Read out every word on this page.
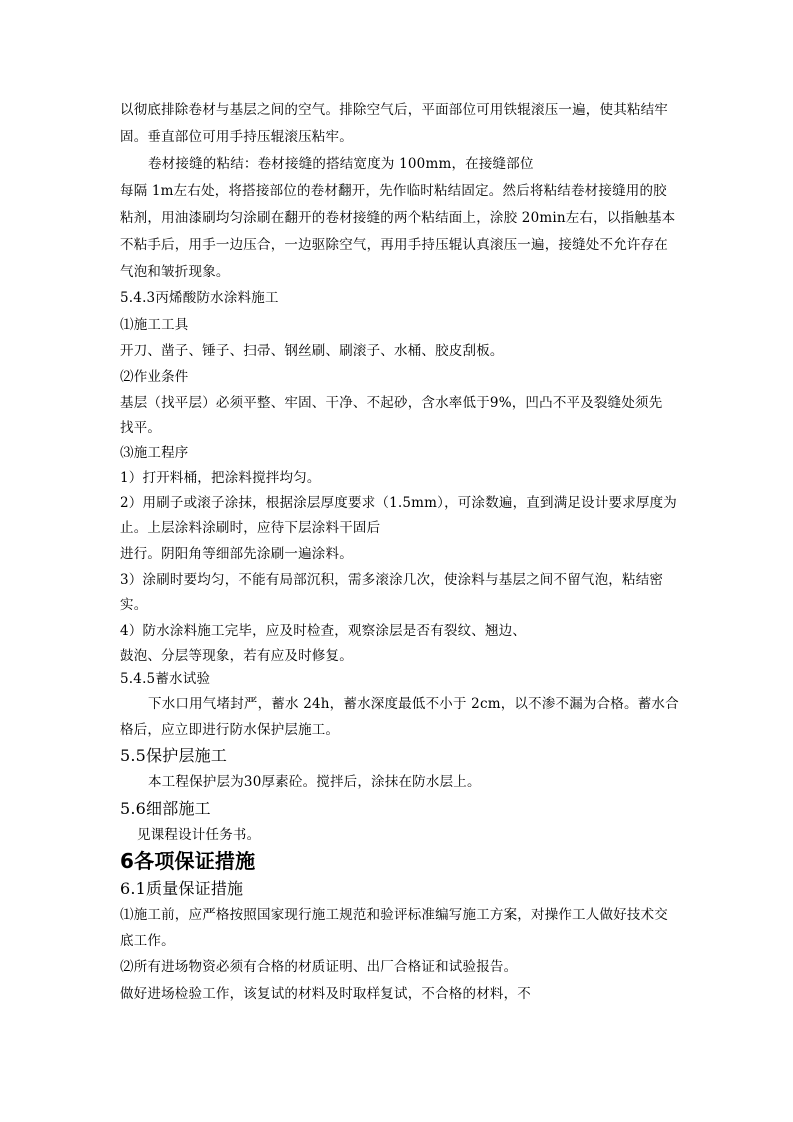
以彻底排除卷材与基层之间的空气。排除空气后，平面部位可用铁辊滚压一遍，使其粘结牢
固。垂直部位可用手持压辊滚压粘牢。
卷材接缝的粘结：卷材接缝的搭结宽度为 100mm，在接缝部位
每隔 1m左右处，将搭接部位的卷材翻开，先作临时粘结固定。然后将粘结卷材接缝用的胶
粘剂，用油漆刷均匀涂刷在翻开的卷材接缝的两个粘结面上，涂胶 20min左右，以指触基本
不粘手后，用手一边压合，一边驱除空气，再用手持压辊认真滚压一遍，接缝处不允许存在
气泡和皱折现象。
5.4.3丙烯酸防水涂料施工
⑴施工工具
开刀、凿子、锤子、扫帚、钢丝刷、刷滚子、水桶、胶皮刮板。
⑵作业条件
基层（找平层）必须平整、牢固、干净、不起砂，含水率低于9%，凹凸不平及裂缝处须先
找平。
⑶施工程序
1）打开料桶，把涂料搅拌均匀。
2）用刷子或滚子涂抹，根据涂层厚度要求（1.5mm），可涂数遍，直到满足设计要求厚度为
止。上层涂料涂刷时，应待下层涂料干固后
进行。阴阳角等细部先涂刷一遍涂料。
3）涂刷时要均匀，不能有局部沉积，需多滚涂几次，使涂料与基层之间不留气泡，粘结密
实。
4）防水涂料施工完毕，应及时检查，观察涂层是否有裂纹、翘边、
鼓泡、分层等现象，若有应及时修复。
5.4.5蓄水试验
下水口用气堵封严，蓄水 24h，蓄水深度最低不小于 2cm，以不渗不漏为合格。蓄水合
格后，应立即进行防水保护层施工。
5.5保护层施工
本工程保护层为30厚素砼。搅拌后，涂抹在防水层上。
5.6细部施工
见课程设计任务书。
6各项保证措施
6.1质量保证措施
⑴施工前，应严格按照国家现行施工规范和验评标准编写施工方案，对操作工人做好技术交
底工作。
⑵所有进场物资必须有合格的材质证明、出厂合格证和试验报告。
做好进场检验工作，该复试的材料及时取样复试，不合格的材料，不
